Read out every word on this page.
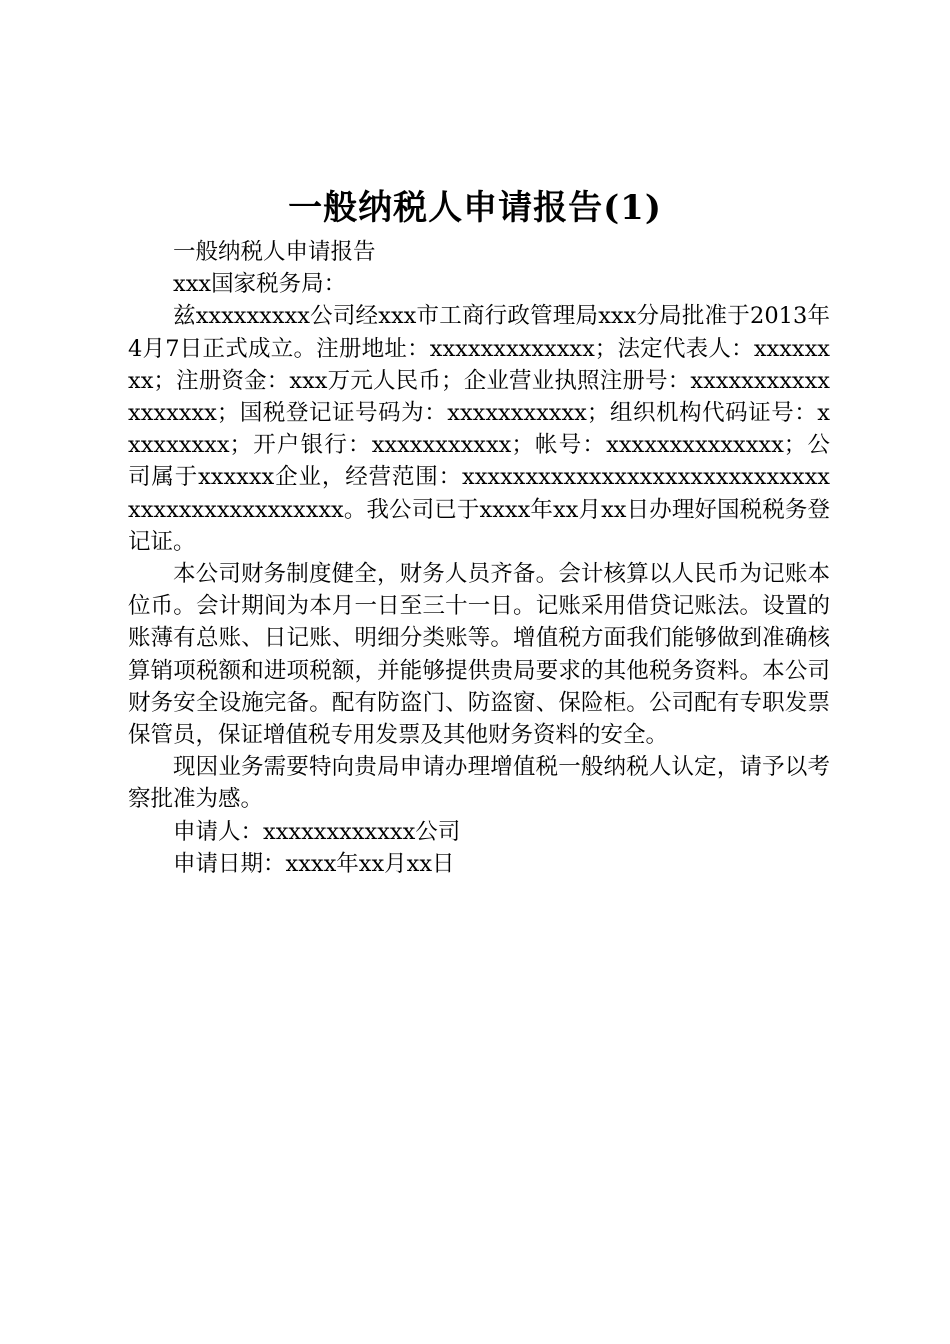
一般纳税人申请报告(1)

一般纳税人申请报告

xxx国家税务局：

兹xxxxxxxxx公司经xxx市工商行政管理局xxx分局批准于2013年4月7日正式成立。注册地址：xxxxxxxxxxxxx；法定代表人：xxxxxxxx；注册资金：xxx万元人民币；企业营业执照注册号：xxxxxxxxxxxxxxxxxx；国税登记证号码为：xxxxxxxxxxx；组织机构代码证号：xxxxxxxxx；开户银行：xxxxxxxxxxx；帐号：xxxxxxxxxxxxxx；公司属于xxxxxx企业，经营范围：xxxxxxxxxxxxxxxxxxxxxxxxxxxxxxxxxxxxxxxxxxxxxx。我公司已于xxxx年xx月xx日办理好国税税务登记证。

本公司财务制度健全，财务人员齐备。会计核算以人民币为记账本位币。会计期间为本月一日至三十一日。记账采用借贷记账法。设置的账薄有总账、日记账、明细分类账等。增值税方面我们能够做到准确核算销项税额和进项税额，并能够提供贵局要求的其他税务资料。本公司财务安全设施完备。配有防盗门、防盗窗、保险柜。公司配有专职发票保管员，保证增值税专用发票及其他财务资料的安全。

现因业务需要特向贵局申请办理增值税一般纳税人认定，请予以考察批准为感。

申请人：xxxxxxxxxxxx公司

申请日期：xxxx年xx月xx日
